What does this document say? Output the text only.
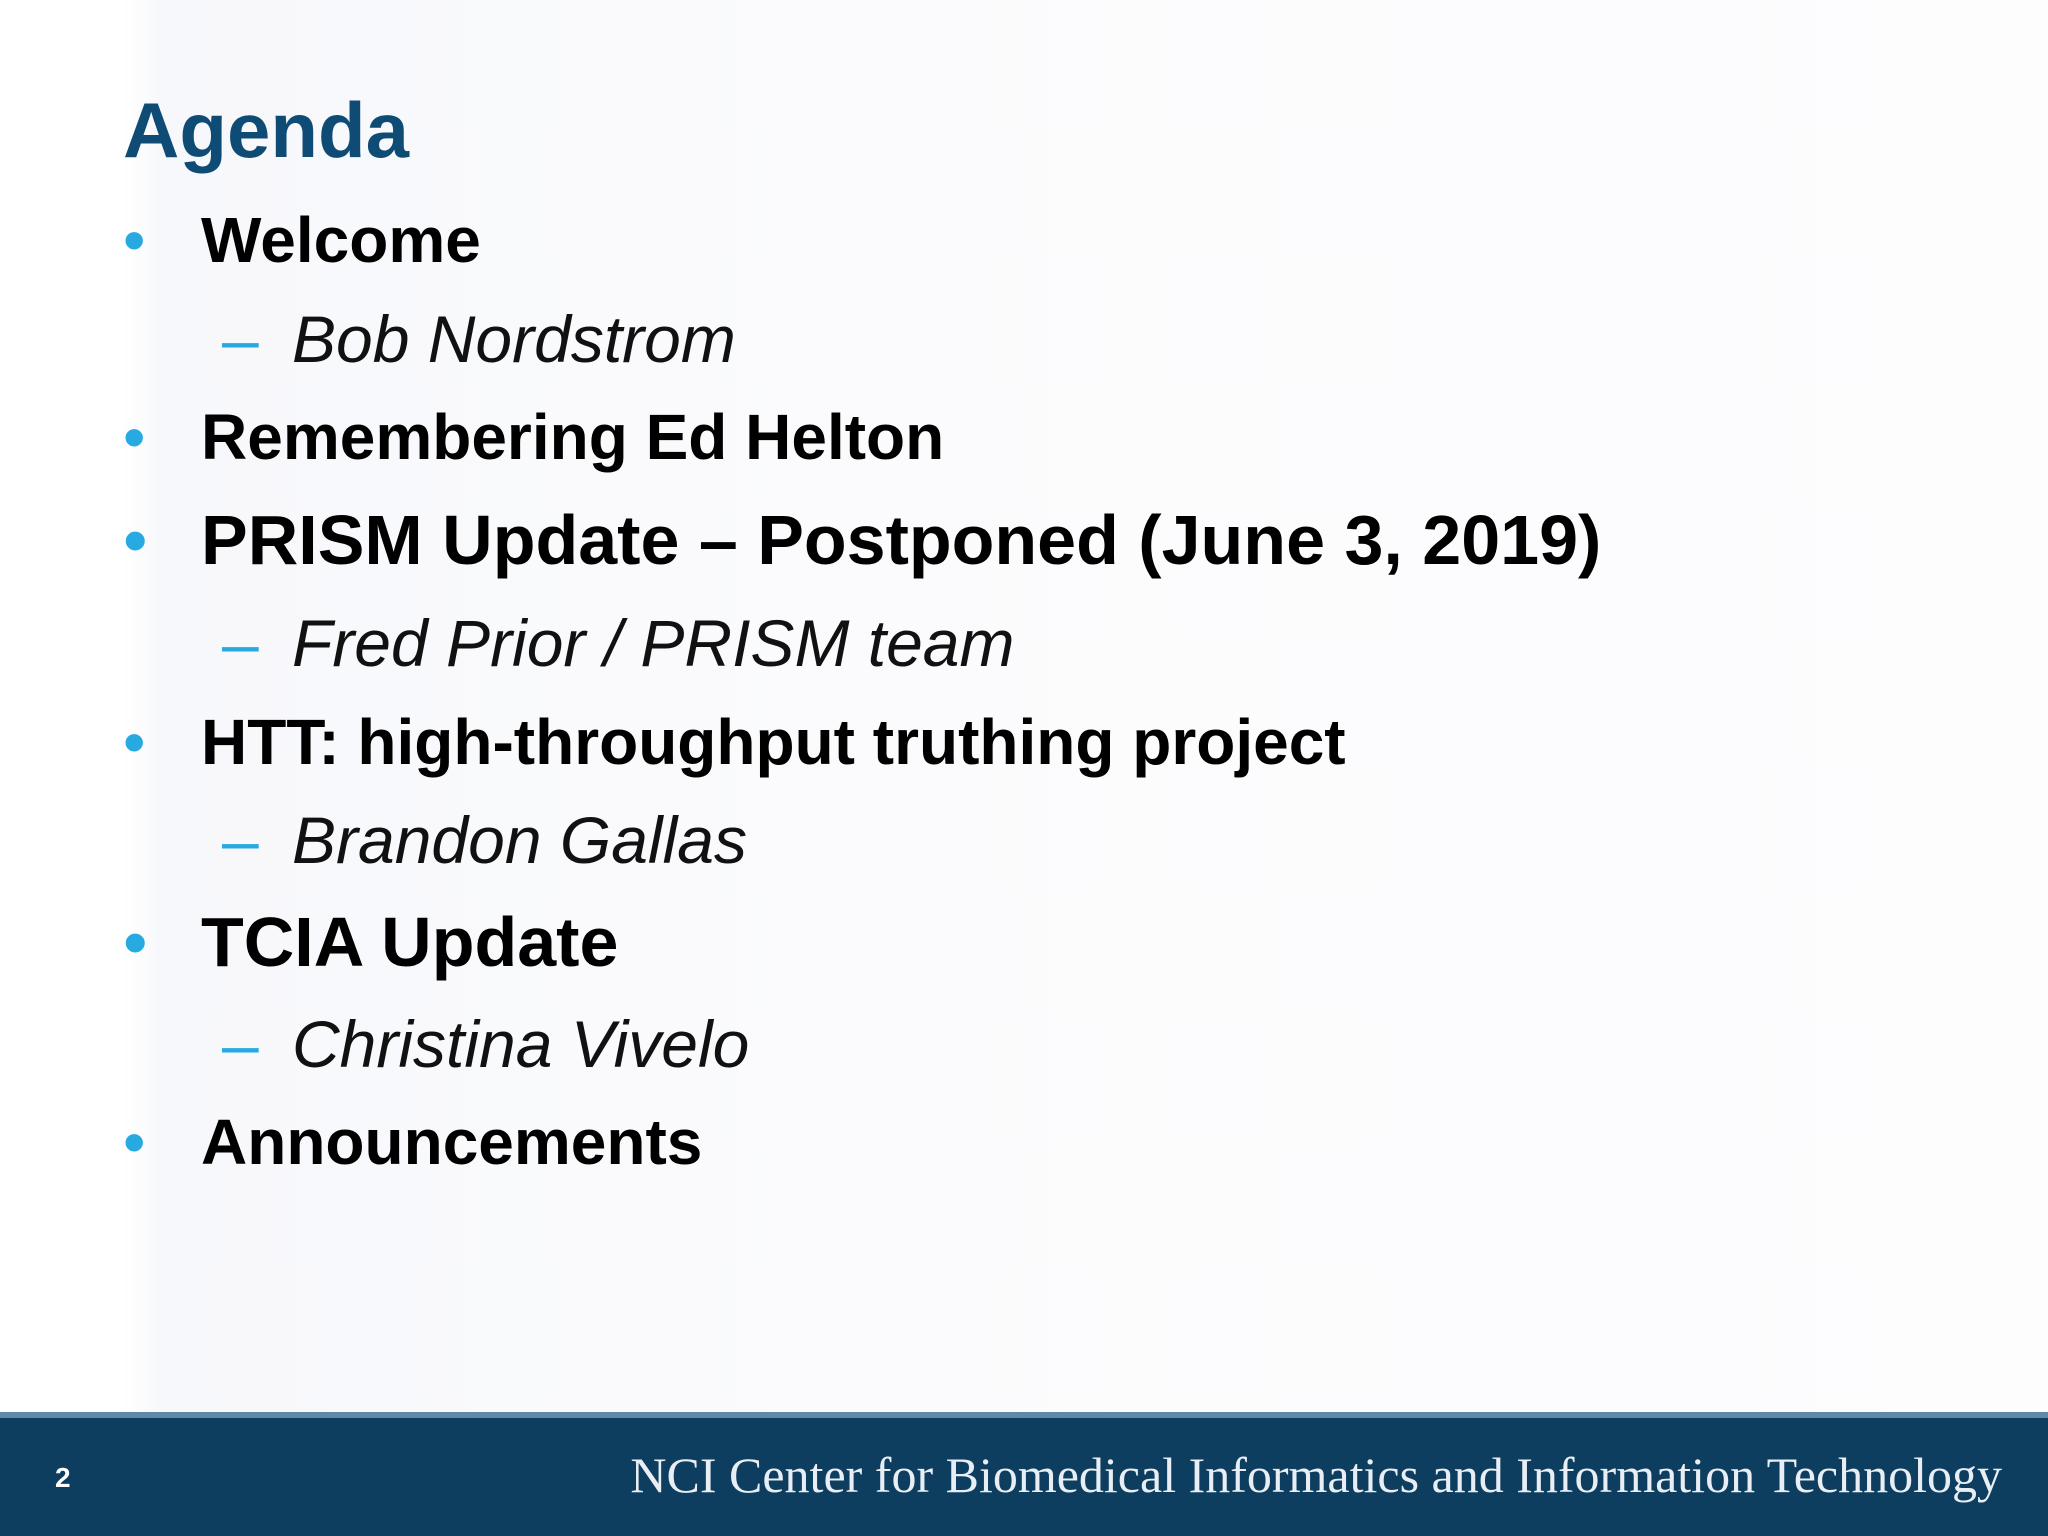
Agenda
• Welcome
– Bob Nordstrom
• Remembering Ed Helton
• PRISM Update – Postponed (June 3, 2019)
– Fred Prior / PRISM team
• HTT: high-throughput truthing project
– Brandon Gallas
• TCIA Update
– Christina Vivelo
• Announcements
2	NCI Center for Biomedical Informatics and Information Technology
